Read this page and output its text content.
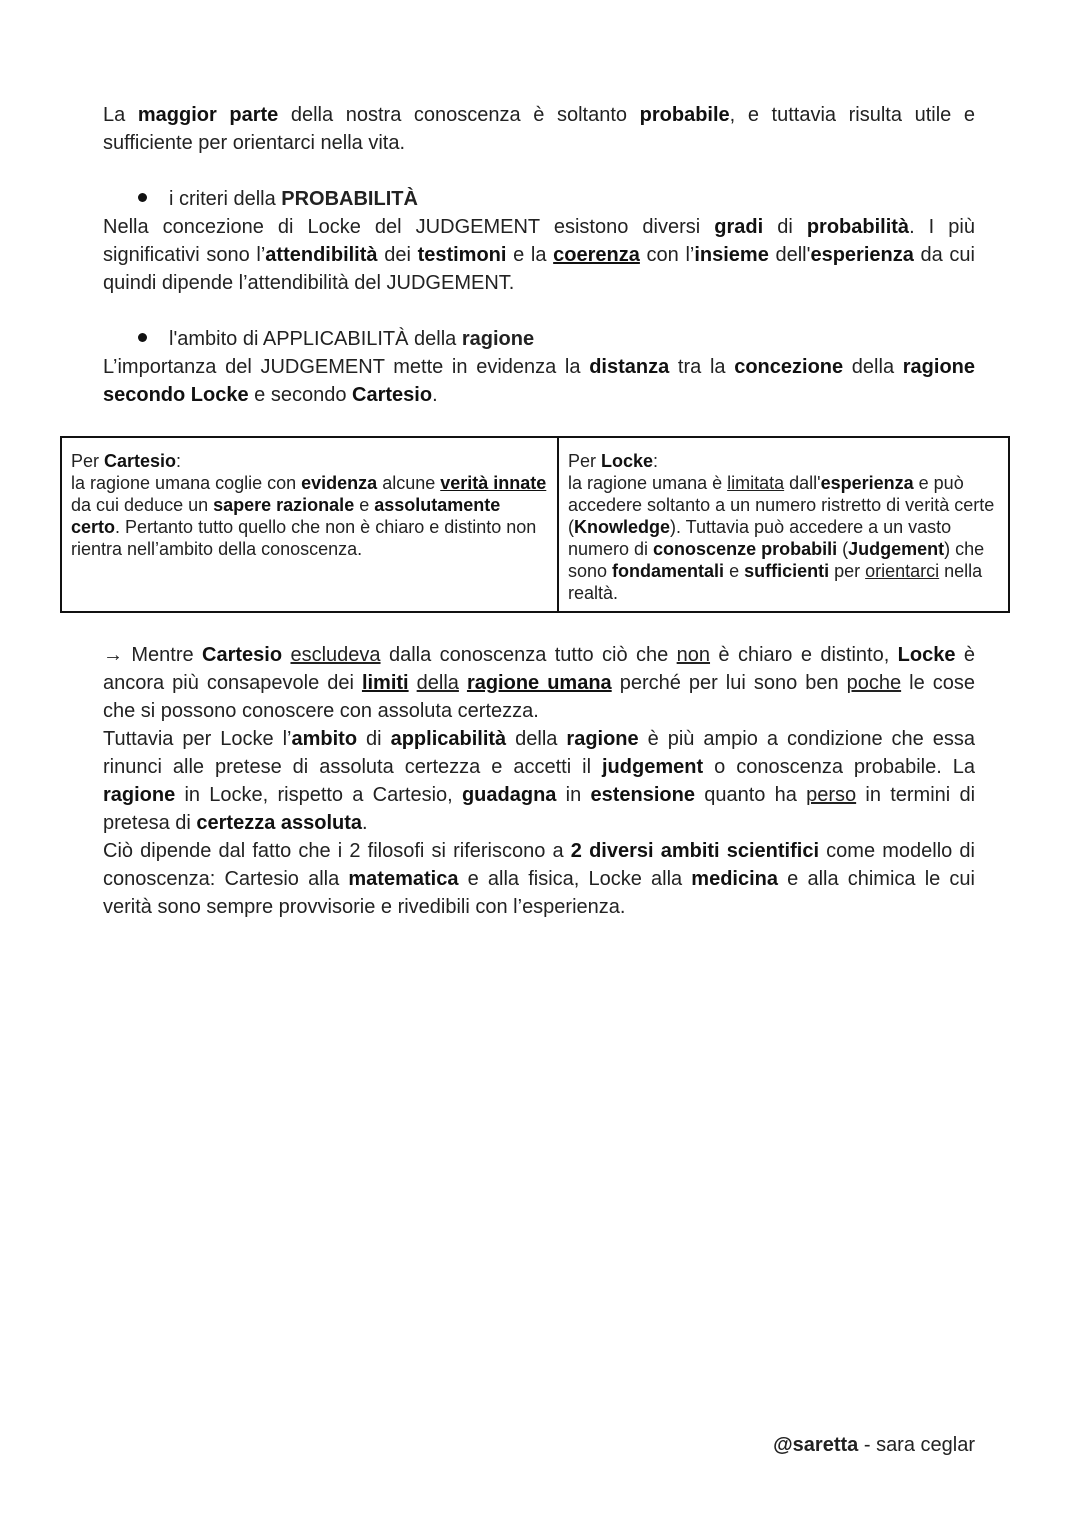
La maggior parte della nostra conoscenza è soltanto probabile, e tuttavia risulta utile e sufficiente per orientarci nella vita.

i criteri della PROBABILITÀ

Nella concezione di Locke del JUDGEMENT esistono diversi gradi di probabilità. I più significativi sono l’attendibilità dei testimoni e la coerenza con l’insieme dell'esperienza da cui quindi dipende l’attendibilità del JUDGEMENT.

l'ambito di APPLICABILITÀ della ragione

L’importanza del JUDGEMENT mette in evidenza la distanza tra la concezione della ragione secondo Locke e secondo Cartesio.

Per Cartesio:
la ragione umana coglie con evidenza alcune verità innate da cui deduce un sapere razionale e assolutamente certo. Pertanto tutto quello che non è chiaro e distinto non rientra nell’ambito della conoscenza.
Per Locke:
la ragione umana è limitata dall'esperienza e può accedere soltanto a un numero ristretto di verità certe (Knowledge). Tuttavia può accedere a un vasto numero di conoscenze probabili (Judgement) che sono fondamentali e sufficienti per orientarci nella realtà.

→ Mentre Cartesio escludeva dalla conoscenza tutto ciò che non è chiaro e distinto, Locke è ancora più consapevole dei limiti della ragione umana perché per lui sono ben poche le cose che si possono conoscere con assoluta certezza.

Tuttavia per Locke l’ambito di applicabilità della ragione è più ampio a condizione che essa rinunci alle pretese di assoluta certezza e accetti il judgement o conoscenza probabile. La ragione in Locke, rispetto a Cartesio, guadagna in estensione quanto ha perso in termini di pretesa di certezza assoluta.

Ciò dipende dal fatto che i 2 filosofi si riferiscono a 2 diversi ambiti scientifici come modello di conoscenza: Cartesio alla matematica e alla fisica, Locke alla medicina e alla chimica le cui verità sono sempre provvisorie e rivedibili con l’esperienza.

@saretta - sara ceglar
